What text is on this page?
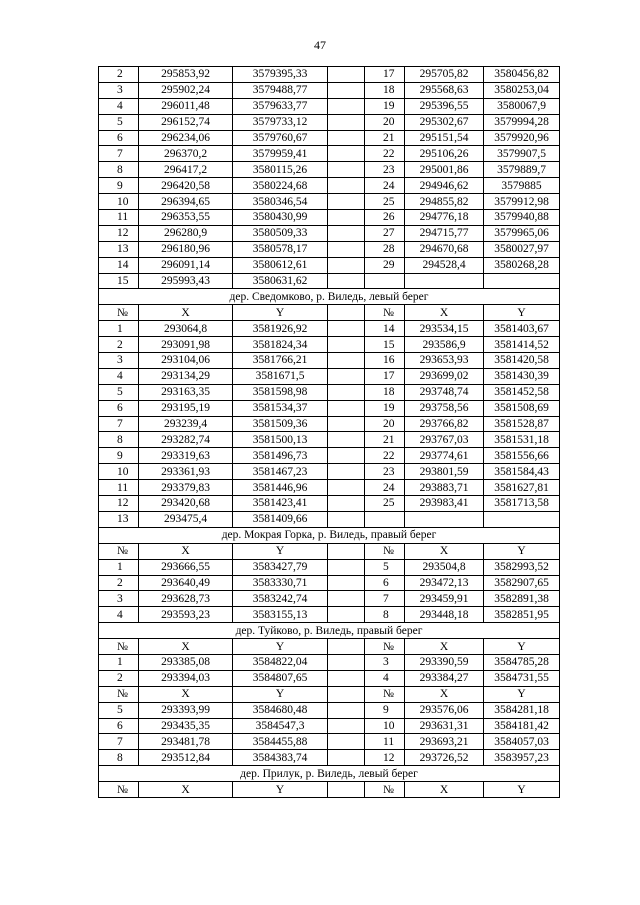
47
2	295853,92	3579395,33		17	295705,82	3580456,82
3	295902,24	3579488,77		18	295568,63	3580253,04
4	296011,48	3579633,77		19	295396,55	3580067,9
5	296152,74	3579733,12		20	295302,67	3579994,28
6	296234,06	3579760,67		21	295151,54	3579920,96
7	296370,2	3579959,41		22	295106,26	3579907,5
8	296417,2	3580115,26		23	295001,86	3579889,7
9	296420,58	3580224,68		24	294946,62	3579885
10	296394,65	3580346,54		25	294855,82	3579912,98
11	296353,55	3580430,99		26	294776,18	3579940,88
12	296280,9	3580509,33		27	294715,77	3579965,06
13	296180,96	3580578,17		28	294670,68	3580027,97
14	296091,14	3580612,61		29	294528,4	3580268,28
15	295993,43	3580631,62				
дер. Сведомково, р. Виледь, левый берег						
№	X	Y		№	X	Y
1	293064,8	3581926,92		14	293534,15	3581403,67
2	293091,98	3581824,34		15	293586,9	3581414,52
3	293104,06	3581766,21		16	293653,93	3581420,58
4	293134,29	3581671,5		17	293699,02	3581430,39
5	293163,35	3581598,98		18	293748,74	3581452,58
6	293195,19	3581534,37		19	293758,56	3581508,69
7	293239,4	3581509,36		20	293766,82	3581528,87
8	293282,74	3581500,13		21	293767,03	3581531,18
9	293319,63	3581496,73		22	293774,61	3581556,66
10	293361,93	3581467,23		23	293801,59	3581584,43
11	293379,83	3581446,96		24	293883,71	3581627,81
12	293420,68	3581423,41		25	293983,41	3581713,58
13	293475,4	3581409,66				
дер. Мокрая Горка, р. Виледь, правый берег						
№	X	Y		№	X	Y
1	293666,55	3583427,79		5	293504,8	3582993,52
2	293640,49	3583330,71		6	293472,13	3582907,65
3	293628,73	3583242,74		7	293459,91	3582891,38
4	293593,23	3583155,13		8	293448,18	3582851,95
дер. Туйково, р. Виледь, правый берег						
№	X	Y		№	X	Y
1	293385,08	3584822,04		3	293390,59	3584785,28
2	293394,03	3584807,65		4	293384,27	3584731,55
№	X	Y		№	X	Y
5	293393,99	3584680,48		9	293576,06	3584281,18
6	293435,35	3584547,3		10	293631,31	3584181,42
7	293481,78	3584455,88		11	293693,21	3584057,03
8	293512,84	3584383,74		12	293726,52	3583957,23
дер. Прилук, р. Виледь, левый берег						
№	X	Y		№	X	Y
